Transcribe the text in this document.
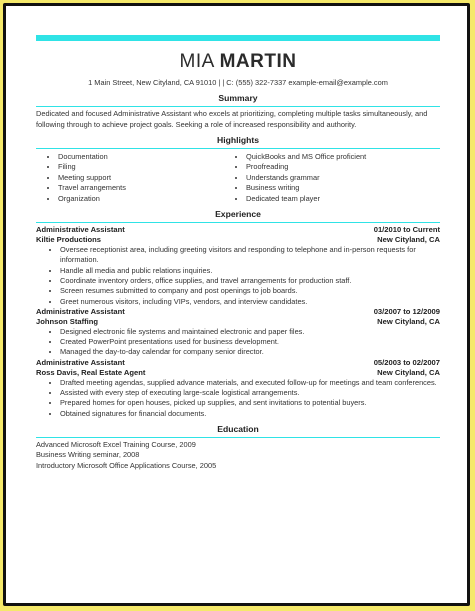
MIA MARTIN
1 Main Street, New Cityland, CA 91010 | | C: (555) 322-7337 example-email@example.com
Summary
Dedicated and focused Administrative Assistant who excels at prioritizing, completing multiple tasks simultaneously, and following through to achieve project goals. Seeking a role of increased responsibility and authority.
Highlights
• Documentation
• Filing
• Meeting support
• Travel arrangements
• Organization
• QuickBooks and MS Office proficient
• Proofreading
• Understands grammar
• Business writing
• Dedicated team player
Experience
Administrative Assistant	01/2010 to Current
Kiltie Productions	New Cityland, CA
• Oversee receptionist area, including greeting visitors and responding to telephone and in-person requests for information.
• Handle all media and public relations inquiries.
• Coordinate inventory orders, office supplies, and travel arrangements for production staff.
• Screen resumes submitted to company and post openings to job boards.
• Greet numerous visitors, including VIPs, vendors, and interview candidates.
Administrative Assistant	03/2007 to 12/2009
Johnson Staffing	New Cityland, CA
• Designed electronic file systems and maintained electronic and paper files.
• Created PowerPoint presentations used for business development.
• Managed the day-to-day calendar for company senior director.
Administrative Assistant	05/2003 to 02/2007
Ross Davis, Real Estate Agent	New Cityland, CA
• Drafted meeting agendas, supplied advance materials, and executed follow-up for meetings and team conferences.
• Assisted with every step of executing large-scale logistical arrangements.
• Prepared homes for open houses, picked up supplies, and sent invitations to potential buyers.
• Obtained signatures for financial documents.
Education
Advanced Microsoft Excel Training Course, 2009
Business Writing seminar, 2008
Introductory Microsoft Office Applications Course, 2005
